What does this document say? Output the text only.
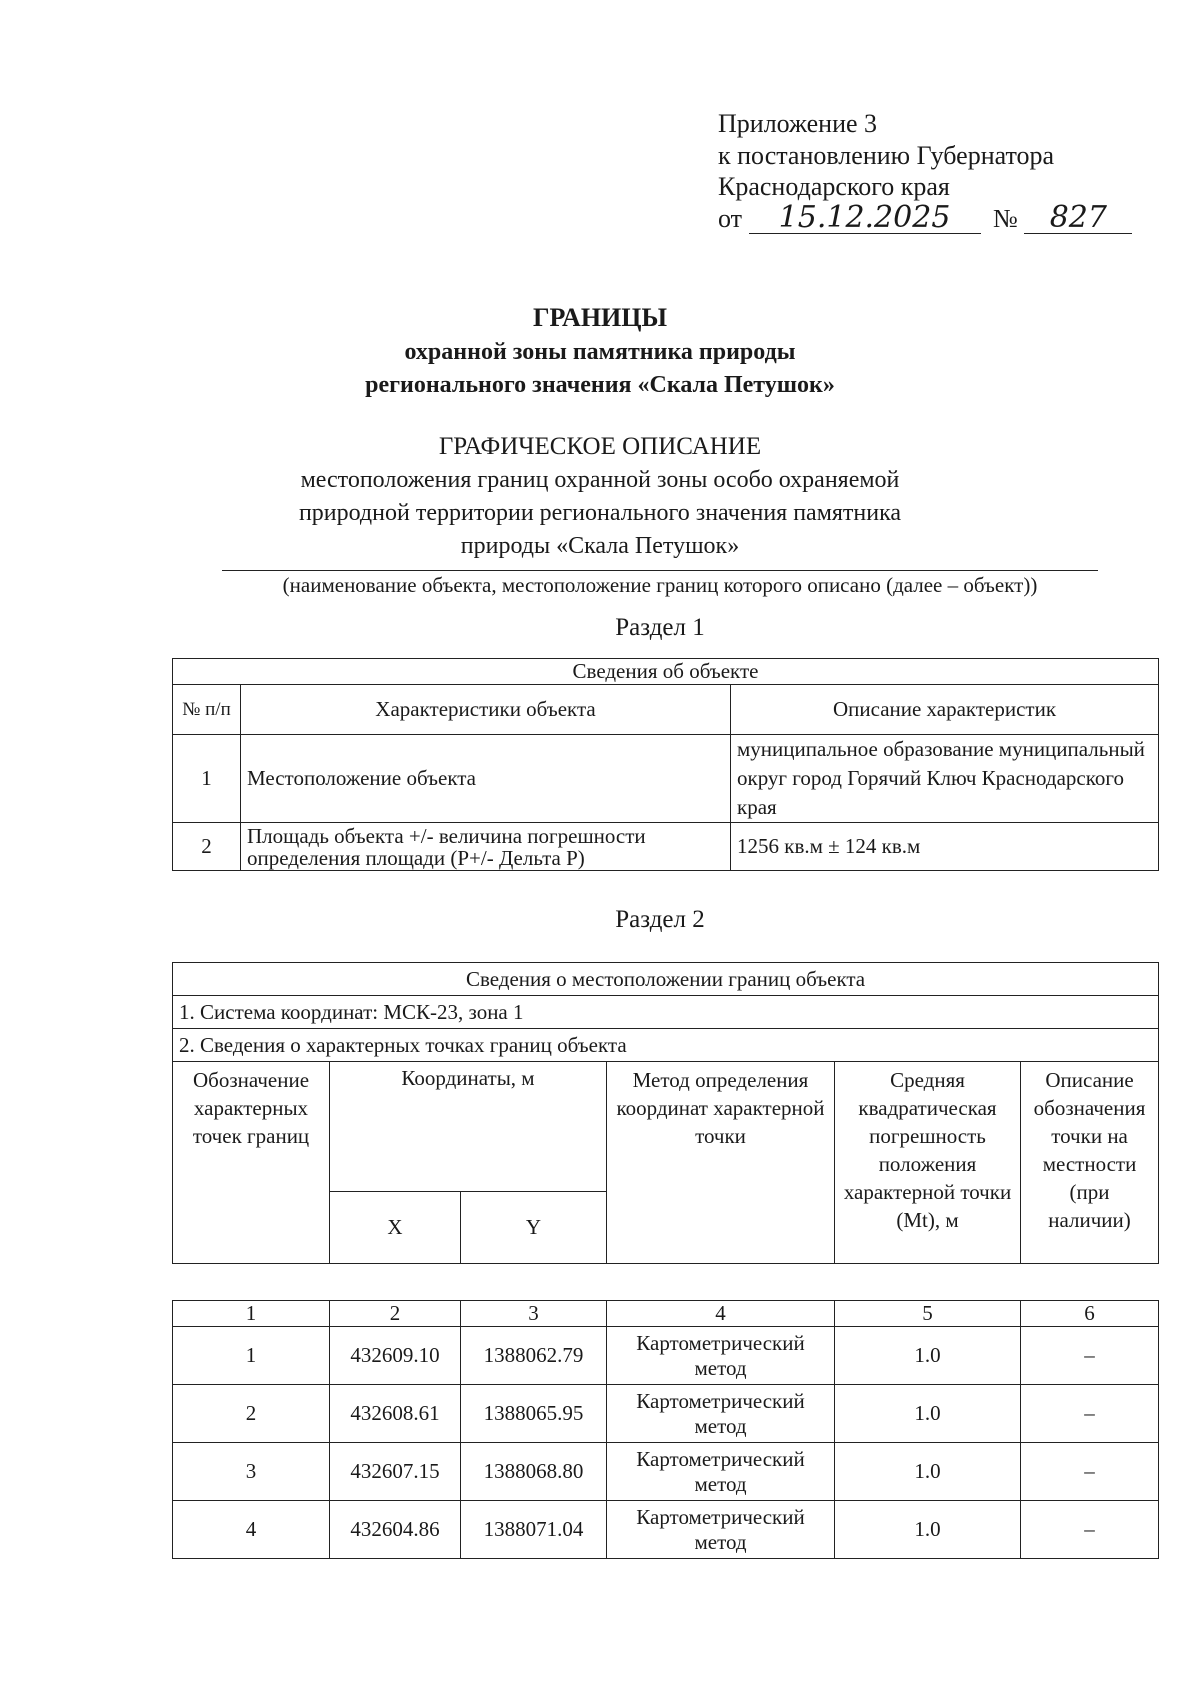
Приложение 3
к постановлению Губернатора
Краснодарского края
от 15.12.2025 № 827
ГРАНИЦЫ
охранной зоны памятника природы
регионального значения «Скала Петушок»
ГРАФИЧЕСКОЕ ОПИСАНИЕ
местоположения границ охранной зоны особо охраняемой
природной территории регионального значения памятника
природы «Скала Петушок»
(наименование объекта, местоположение границ которого описано (далее – объект))
Раздел 1
Сведения об объекте		
№ п/п	Характеристики объекта	Описание характеристик
1	Местоположение объекта	муниципальное образование муниципальный округ город Горячий Ключ Краснодарского края
2	Площадь объекта +/- величина погрешности определения площади (P+/- Дельта P)	1256 кв.м ± 124 кв.м
Раздел 2
Сведения о местоположении границ объекта					
1. Система координат: МСК-23, зона 1					
2. Сведения о характерных точках границ объекта					
Обозначение характерных точек границ	Координаты, м		Метод определения координат характерной точки	Средняя квадратическая погрешность положения характерной точки (Mt), м	Описание обозначения точки на местности (при наличии)
	X	Y			
1	2	3	4	5	6
1	432609.10	1388062.79	Картометрический метод	1.0	–
2	432608.61	1388065.95	Картометрический метод	1.0	–
3	432607.15	1388068.80	Картометрический метод	1.0	–
4	432604.86	1388071.04	Картометрический метод	1.0	–
